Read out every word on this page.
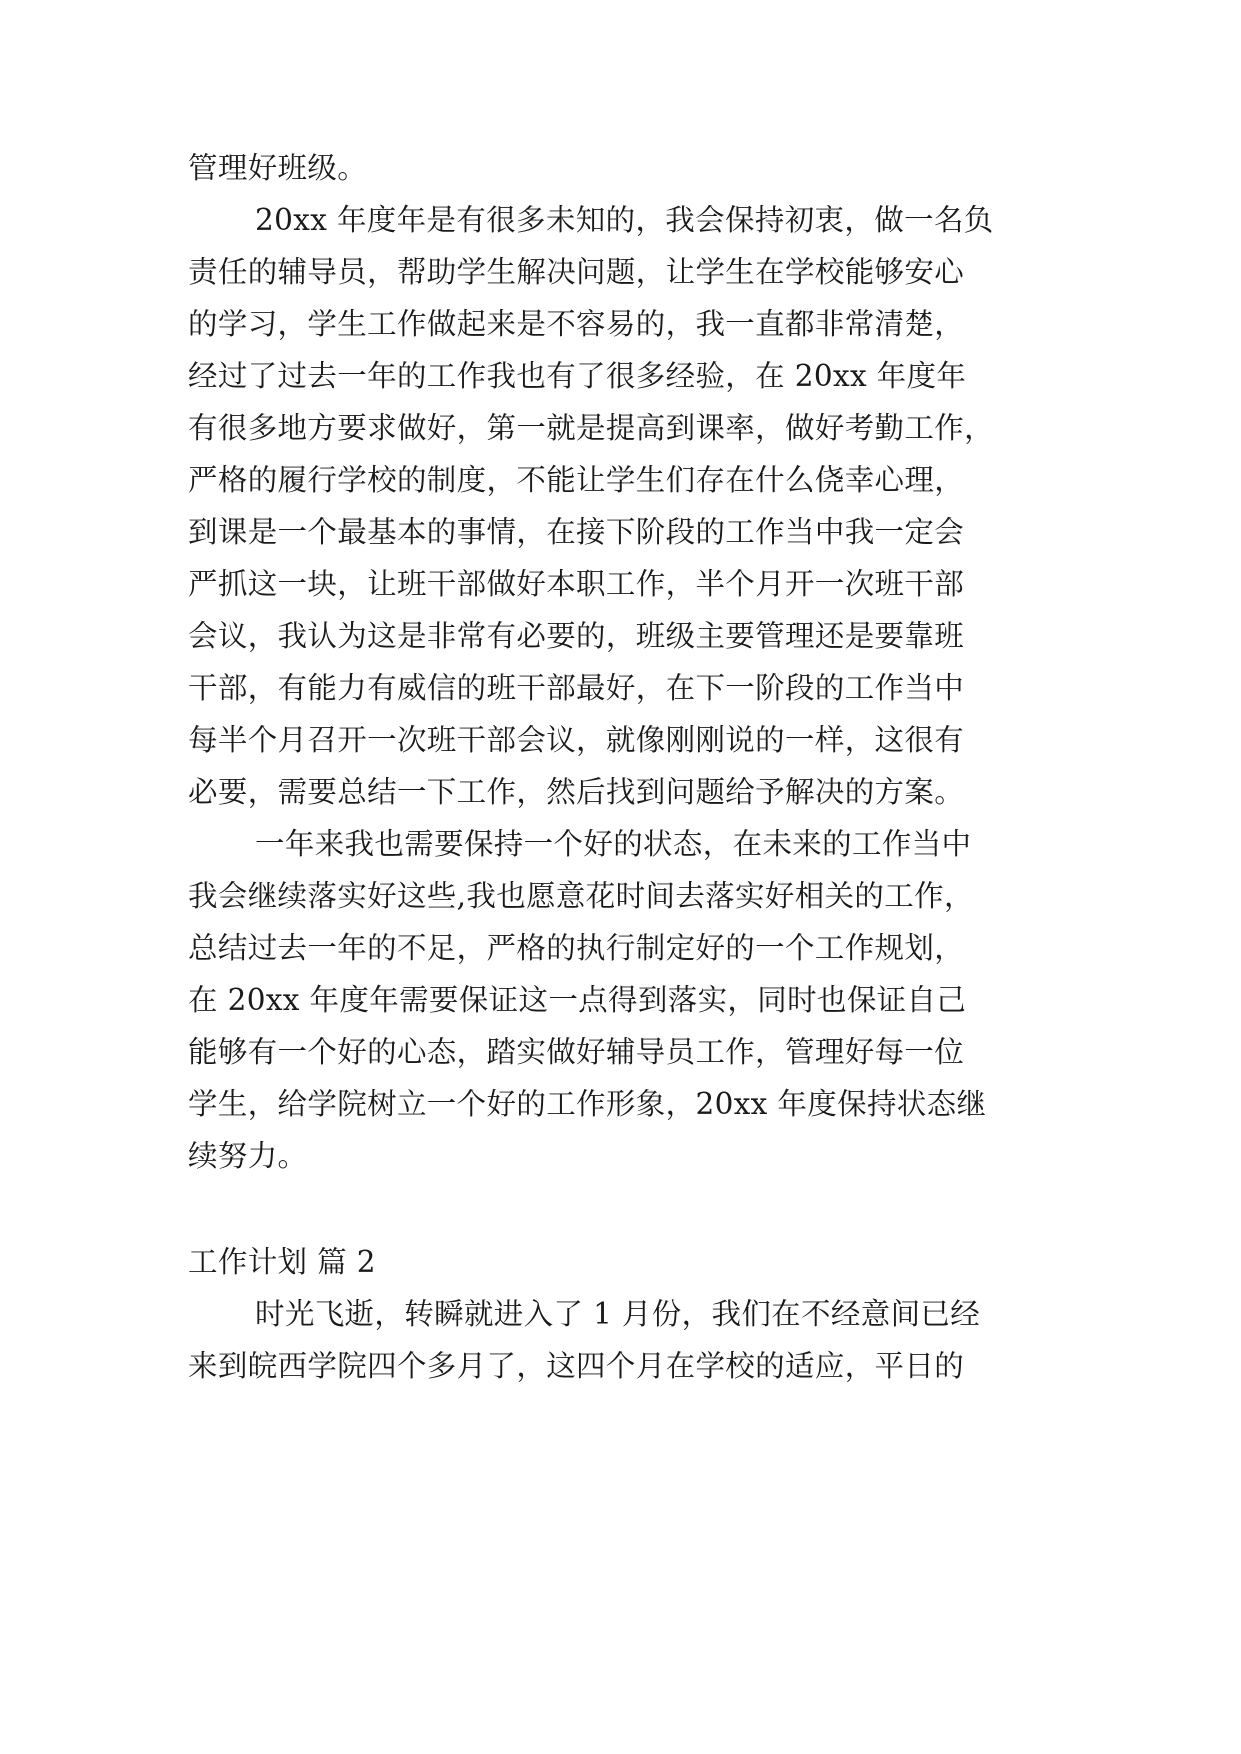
管理好班级。
20xx 年度年是有很多未知的，我会保持初衷，做一名负
责任的辅导员，帮助学生解决问题，让学生在学校能够安心
的学习，学生工作做起来是不容易的，我一直都非常清楚，
经过了过去一年的工作我也有了很多经验，在 20xx 年度年
有很多地方要求做好，第一就是提高到课率，做好考勤工作，
严格的履行学校的制度，不能让学生们存在什么侥幸心理，
到课是一个最基本的事情，在接下阶段的工作当中我一定会
严抓这一块，让班干部做好本职工作，半个月开一次班干部
会议，我认为这是非常有必要的，班级主要管理还是要靠班
干部，有能力有威信的班干部最好，在下一阶段的工作当中
每半个月召开一次班干部会议，就像刚刚说的一样，这很有
必要，需要总结一下工作，然后找到问题给予解决的方案。
一年来我也需要保持一个好的状态，在未来的工作当中
我会继续落实好这些,我也愿意花时间去落实好相关的工作，
总结过去一年的不足，严格的执行制定好的一个工作规划，
在 20xx 年度年需要保证这一点得到落实，同时也保证自己
能够有一个好的心态，踏实做好辅导员工作，管理好每一位
学生，给学院树立一个好的工作形象，20xx 年度保持状态继
续努力。
工作计划 篇 2
时光飞逝，转瞬就进入了 1 月份，我们在不经意间已经
来到皖西学院四个多月了，这四个月在学校的适应，平日的
